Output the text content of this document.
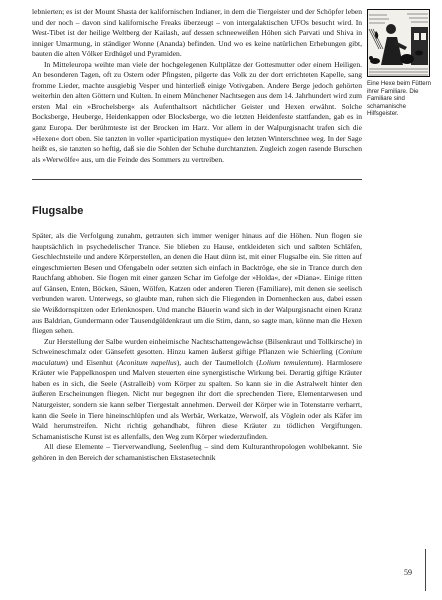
lebnierten; es ist der Mount Shasta der kalifornischen Indianer, in dem die Tiergeister und der Schöpfer leben und der noch – davon sind kalifornische Freaks überzeugt – von intergalaktischen UFOs besucht wird. In West-Tibet ist der heilige Weltberg der Kailash, auf dessen schneeweißen Höhen sich Parvati und Shiva in inniger Umarmung, in ständiger Wonne (Ananda) befinden. Und wo es keine natürlichen Erhebungen gibt, bauten die alten Völker Erdhügel und Pyramiden.

In Mitteleuropa weihte man viele der hochgelegenen Kultplätze der Gottesmutter oder einem Heiligen. An besonderen Tagen, oft zu Ostern oder Pfingsten, pilgerte das Volk zu der dort errichteten Kapelle, sang fromme Lieder, machte ausgiebig Vesper und hinterließ einige Votivgaben. Andere Berge jedoch gehörten weiterhin den alten Göttern und Kulten. In einem Münchener Nachtsegen aus dem 14. Jahrhundert wird zum ersten Mal ein »Brochelsberg« als Aufenthaltsort nächtlicher Geister und Hexen erwähnt. Solche Bocksberge, Heuberge, Heidenkappen oder Blocksberge, wo die letzten Heidenfeste stattfanden, gab es in ganz Europa. Der berühmteste ist der Brocken im Harz. Vor allem in der Walpurgisnacht trafen sich die »Hexen« dort oben. Sie tanzten in voller »participation mystique« den letzten Winterschnee weg. In der Sage heißt es, sie tanzten so heftig, daß sie die Sohlen der Schuhe durchtanzten. Zugleich zogen rasende Burschen als »Werwölfe« aus, um die Feinde des Sommers zu vertreiben.

Flugsalbe

Später, als die Verfolgung zunahm, getrauten sich immer weniger hinaus auf die Höhen. Nun flogen sie hauptsächlich in psychedelischer Trance. Sie blieben zu Hause, entkleideten sich und salbten Schläfen, Geschlechtsteile und andere Körperstellen, an denen die Haut dünn ist, mit einer Flugsalbe ein. Sie ritten auf eingeschmierten Besen und Ofengabeln oder setzten sich einfach in Backtröge, ehe sie in Trance durch den Rauchfang abhoben. Sie flogen mit einer ganzen Schar im Gefolge der »Holda«, der »Diana«. Einige ritten auf Gänsen, Enten, Böcken, Säuen, Wölfen, Katzen oder anderen Tieren (Familiare), mit denen sie seelisch verbunden waren. Unterwegs, so glaubte man, ruhen sich die Fliegenden in Dornenhecken aus, dabei essen sie Weißdornspitzen oder Erlenknospen. Und manche Bäuerin wand sich in der Walpurgisnacht einen Kranz aus Baldrian, Gundermann oder Tausendgüldenkraut um die Stirn, dann, so sagte man, könne man die Hexen fliegen sehen.

Zur Herstellung der Salbe wurden einheimische Nachtschattengewächse (Bilsenkraut und Tollkirsche) in Schweineschmalz oder Gänsefett gesotten. Hinzu kamen äußerst giftige Pflanzen wie Schierling (Conium maculatum) und Eisenhut (Aconitum napellus), auch der Taumellolch (Lolium temulentum). Harmlosere Kräuter wie Pappelknospen und Malven steuerten eine synergistische Wirkung bei. Derartig giftige Kräuter haben es in sich, die Seele (Astralleib) vom Körper zu spalten. So kann sie in die Astralwelt hinter den äußeren Erscheinungen fliegen. Nicht nur begegnen ihr dort die sprechenden Tiere, Elementarwesen und Naturgeister, sondern sie kann selber Tiergestalt annehmen. Derweil der Körper wie in Totenstarre verharrt, kann die Seele in Tiere hineinschlüpfen und als Werbär, Werkatze, Werwolf, als Vöglein oder als Käfer im Wald herumstreifen. Nicht richtig gehandhabt, führen diese Kräuter zu tödlichen Vergiftungen. Schamanistische Kunst ist es allenfalls, den Weg zum Körper wiederzufinden.

All diese Elemente – Tierverwandlung, Seelenflug – sind dem Kulturanthropologen wohlbekannt. Sie gehören in den Bereich der schamanistischen Ekstasetechnik

Eine Hexe beim Füttern ihrer Familiare. Die Familiare sind schamanische Hilfsgeister.
59
